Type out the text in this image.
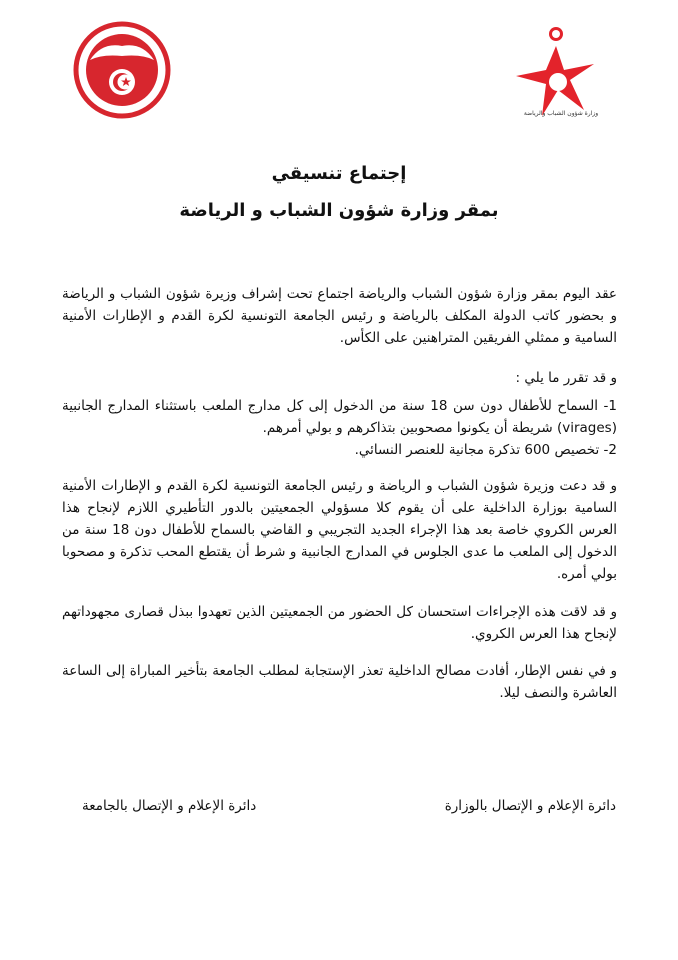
وزارة شؤون الشباب والرياضة
إجتماع تنسيقي
بمقر وزارة شؤون الشباب و الرياضة
عقد اليوم بمقر وزارة شؤون الشباب والرياضة اجتماع تحت إشراف وزيرة شؤون الشباب و الرياضة و بحضور كاتب الدولة المكلف بالرياضة و رئيس الجامعة التونسية لكرة القدم و الإطارات الأمنية السامية و ممثلي الفريقين المتراهنين على الكأس.
و قد تقرر ما يلي :
1- السماح للأطفال دون سن 18 سنة من الدخول إلى كل مدارج الملعب باستثناء المدارج الجانبية (virages) شريطة أن يكونوا مصحوبين بتذاكرهم و بولي أمرهم.
2- تخصيص 600 تذكرة مجانية للعنصر النسائي.
و قد دعت وزيرة شؤون الشباب و الرياضة و رئيس الجامعة التونسية لكرة القدم و الإطارات الأمنية السامية بوزارة الداخلية على أن يقوم كلا مسؤولي الجمعيتين بالدور التأطيري اللازم لإنجاح هذا العرس الكروي خاصة بعد هذا الإجراء الجديد التجريبي و القاضي بالسماح للأطفال دون 18 سنة من الدخول إلى الملعب ما عدى الجلوس في المدارج الجانبية و شرط أن يقتطع المحب تذكرة و مصحوبا بولي أمره.
و قد لاقت هذه الإجراءات استحسان كل الحضور من الجمعيتين الذين تعهدوا ببذل قصارى مجهوداتهم لإنجاح هذا العرس الكروي.
و في نفس الإطار، أفادت مصالح الداخلية تعذر الإستجابة لمطلب الجامعة بتأخير المباراة إلى الساعة العاشرة والنصف ليلا.
دائرة الإعلام و الإتصال بالوزارة
دائرة الإعلام و الإتصال بالجامعة
